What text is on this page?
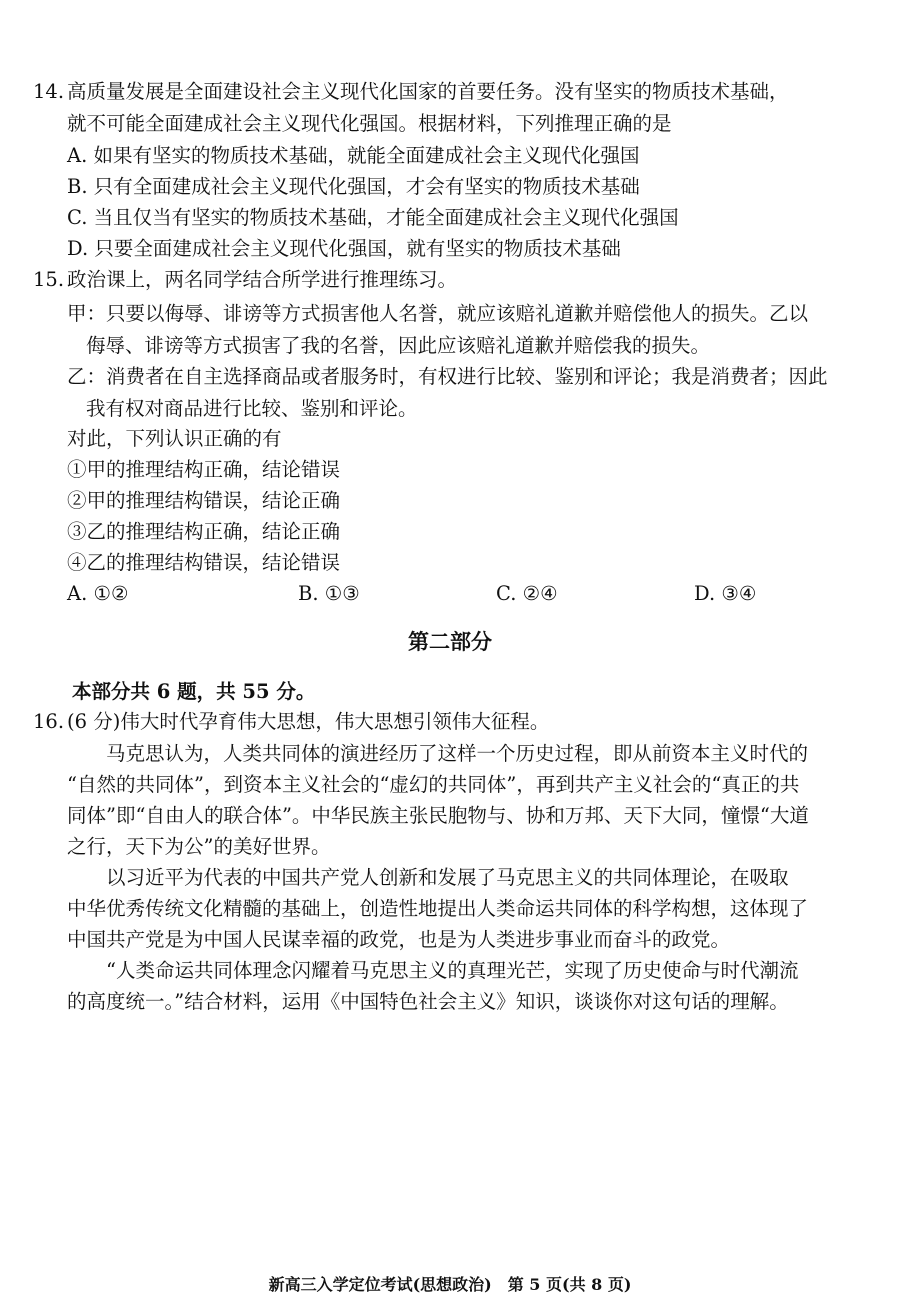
14. 高质量发展是全面建设社会主义现代化国家的首要任务。没有坚实的物质技术基础，
就不可能全面建成社会主义现代化强国。根据材料，下列推理正确的是
A. 如果有坚实的物质技术基础，就能全面建成社会主义现代化强国
B. 只有全面建成社会主义现代化强国，才会有坚实的物质技术基础
C. 当且仅当有坚实的物质技术基础，才能全面建成社会主义现代化强国
D. 只要全面建成社会主义现代化强国，就有坚实的物质技术基础
15. 政治课上，两名同学结合所学进行推理练习。
甲：只要以侮辱、诽谤等方式损害他人名誉，就应该赔礼道歉并赔偿他人的损失。乙以
侮辱、诽谤等方式损害了我的名誉，因此应该赔礼道歉并赔偿我的损失。
乙：消费者在自主选择商品或者服务时，有权进行比较、鉴别和评论；我是消费者；因此
我有权对商品进行比较、鉴别和评论。
对此，下列认识正确的有
①甲的推理结构正确，结论错误
②甲的推理结构错误，结论正确
③乙的推理结构正确，结论正确
④乙的推理结构错误，结论错误
A. ①②	B. ①③	C. ②④	D. ③④
第二部分
本部分共 6 题，共 55 分。
16. (6 分)伟大时代孕育伟大思想，伟大思想引领伟大征程。
马克思认为，人类共同体的演进经历了这样一个历史过程，即从前资本主义时代的
“自然的共同体”，到资本主义社会的“虚幻的共同体”，再到共产主义社会的“真正的共
同体”即“自由人的联合体”。中华民族主张民胞物与、协和万邦、天下大同，憧憬“大道
之行，天下为公”的美好世界。
以习近平为代表的中国共产党人创新和发展了马克思主义的共同体理论，在吸取
中华优秀传统文化精髓的基础上，创造性地提出人类命运共同体的科学构想，这体现了
中国共产党是为中国人民谋幸福的政党，也是为人类进步事业而奋斗的政党。
“人类命运共同体理念闪耀着马克思主义的真理光芒，实现了历史使命与时代潮流
的高度统一。”结合材料，运用《中国特色社会主义》知识，谈谈你对这句话的理解。
新高三入学定位考试(思想政治)　第 5 页(共 8 页)
